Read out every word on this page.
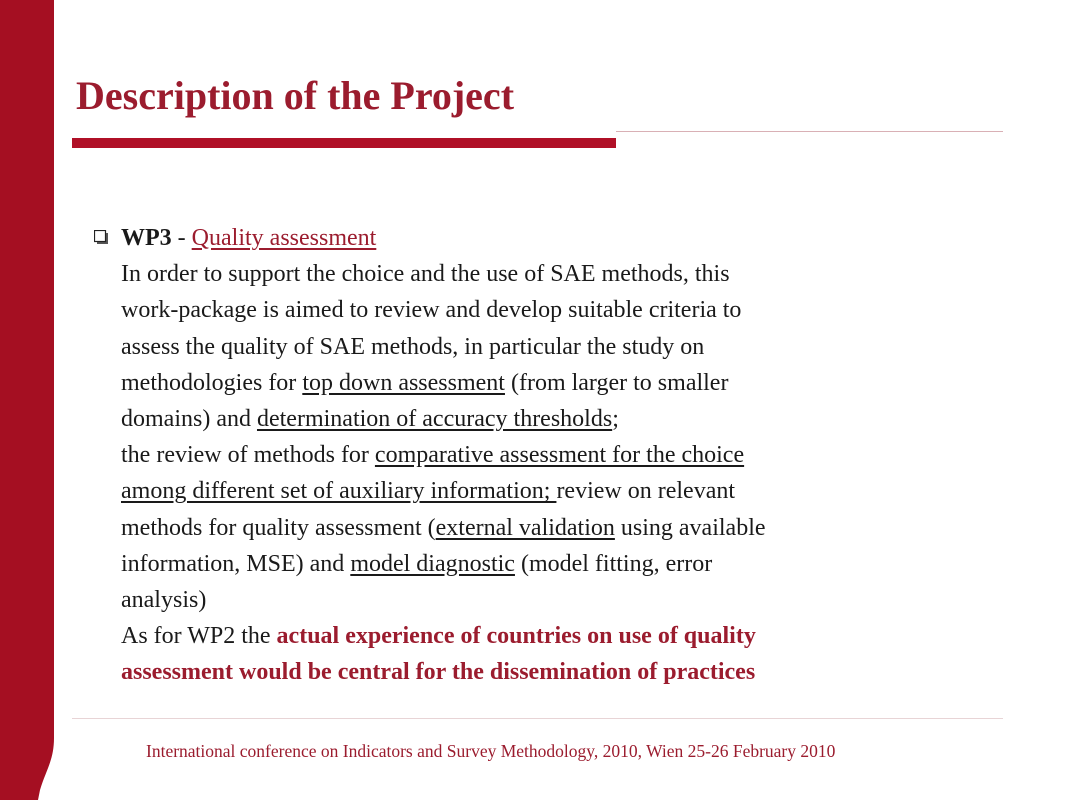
Description of the Project
WP3 - Quality assessment
In order to support the choice and the use of SAE methods, this
work-package is aimed to review and develop suitable criteria to
assess the quality of SAE methods, in particular the study on
methodologies for top down assessment (from larger to smaller
domains) and determination of accuracy thresholds;
the review of methods for comparative assessment for the choice
among different set of auxiliary information; review on relevant
methods for quality assessment (external validation using available
information, MSE) and model diagnostic (model fitting, error
analysis)
As for WP2 the actual experience of countries on use of quality
assessment would be central for the dissemination of practices

International conference on Indicators and Survey Methodology, 2010, Wien 25-26 February 2010
